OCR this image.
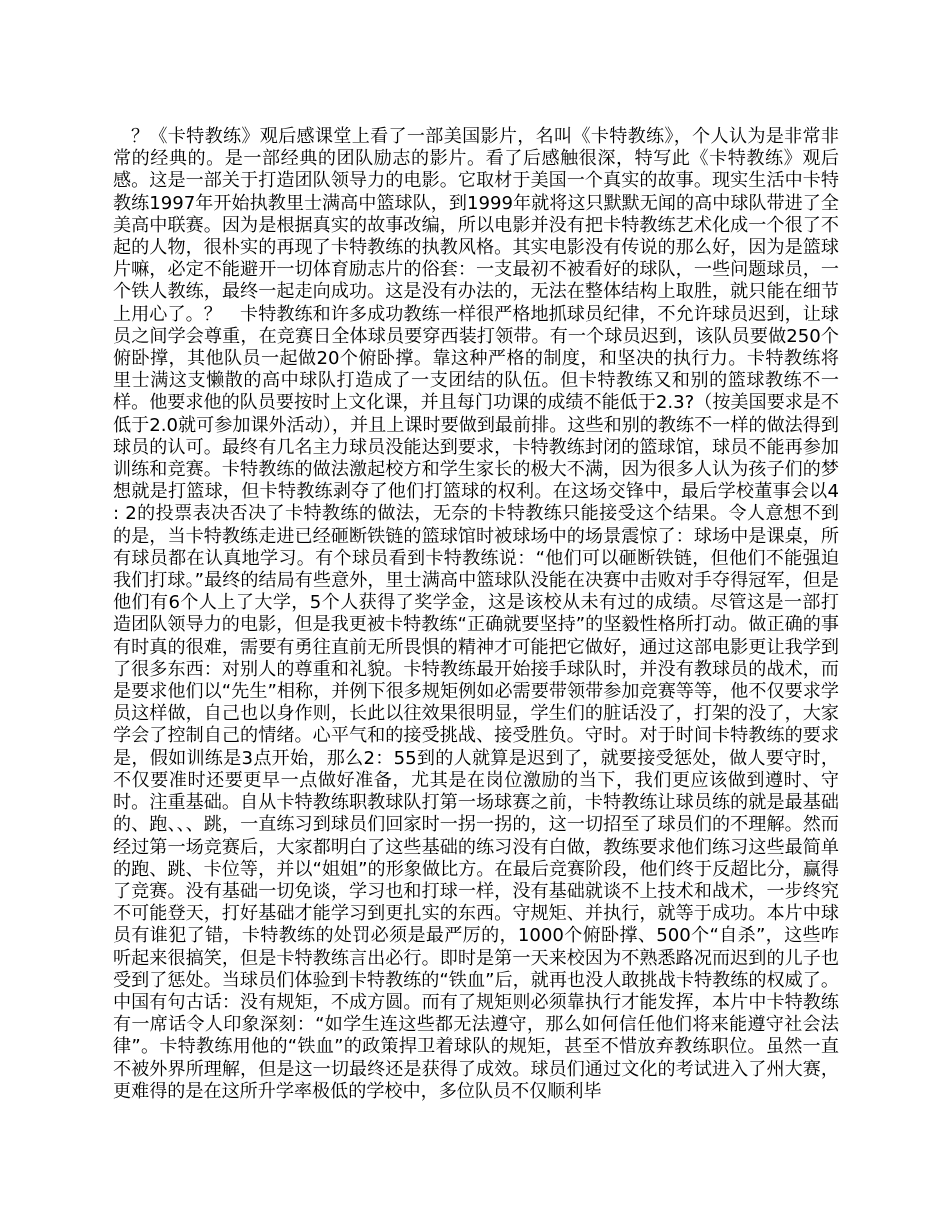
？《卡特教练》观后感课堂上看了一部美国影片，名叫《卡特教练》，个人认为是非常非常的经典的。是一部经典的团队励志的影片。看了后感触很深，特写此《卡特教练》观后感。这是一部关于打造团队领导力的电影。它取材于美国一个真实的故事。现实生活中卡特教练1997年开始执教里士满高中篮球队，到1999年就将这只默默无闻的高中球队带进了全美高中联赛。因为是根据真实的故事改编，所以电影并没有把卡特教练艺术化成一个很了不起的人物，很朴实的再现了卡特教练的执教风格。其实电影没有传说的那么好，因为是篮球片嘛，必定不能避开一切体育励志片的俗套：一支最初不被看好的球队，一些问题球员，一个铁人教练，最终一起走向成功。这是没有办法的，无法在整体结构上取胜，就只能在细节上用心了。？　卡特教练和许多成功教练一样很严格地抓球员纪律，不允许球员迟到，让球员之间学会尊重，在竞赛日全体球员要穿西装打领带。有一个球员迟到，该队员要做250个俯卧撑，其他队员一起做20个俯卧撑。靠这种严格的制度，和坚决的执行力。卡特教练将里士满这支懒散的高中球队打造成了一支团结的队伍。但卡特教练又和别的篮球教练不一样。他要求他的队员要按时上文化课，并且每门功课的成绩不能低于2.3?（按美国要求是不低于2.0就可参加课外活动），并且上课时要做到最前排。这些和别的教练不一样的做法得到球员的认可。最终有几名主力球员没能达到要求，卡特教练封闭的篮球馆，球员不能再参加训练和竞赛。卡特教练的做法激起校方和学生家长的极大不满，因为很多人认为孩子们的梦想就是打篮球，但卡特教练剥夺了他们打篮球的权利。在这场交锋中，最后学校董事会以4 : 2的投票表决否决了卡特教练的做法，无奈的卡特教练只能接受这个结果。令人意想不到的是，当卡特教练走进已经砸断铁链的篮球馆时被球场中的场景震惊了：球场中是课桌，所有球员都在认真地学习。有个球员看到卡特教练说：“他们可以砸断铁链，但他们不能强迫我们打球。”最终的结局有些意外，里士满高中篮球队没能在决赛中击败对手夺得冠军，但是他们有6个人上了大学，5个人获得了奖学金，这是该校从未有过的成绩。尽管这是一部打造团队领导力的电影，但是我更被卡特教练“正确就要坚持”的坚毅性格所打动。做正确的事有时真的很难，需要有勇往直前无所畏惧的精神才可能把它做好，通过这部电影更让我学到了很多东西：对别人的尊重和礼貌。卡特教练最开始接手球队时，并没有教球员的战术，而是要求他们以“先生”相称，并例下很多规矩例如必需要带领带参加竞赛等等，他不仅要求学员这样做，自己也以身作则，长此以往效果很明显，学生们的脏话没了，打架的没了，大家学会了控制自己的情绪。心平气和的接受挑战、接受胜负。守时。对于时间卡特教练的要求是，假如训练是3点开始，那么2：55到的人就算是迟到了，就要接受惩处，做人要守时，不仅要准时还要更早一点做好准备，尤其是在岗位激励的当下，我们更应该做到遵时、守时。注重基础。自从卡特教练职教球队打第一场球赛之前，卡特教练让球员练的就是最基础的、跑、、、跳，一直练习到球员们回家时一拐一拐的，这一切招至了球员们的不理解。然而经过第一场竞赛后，大家都明白了这些基础的练习没有白做，教练要求他们练习这些最简单的跑、跳、卡位等，并以“姐姐”的形象做比方。在最后竞赛阶段，他们终于反超比分，赢得了竞赛。没有基础一切免谈，学习也和打球一样，没有基础就谈不上技术和战术，一步终究不可能登天，打好基础才能学习到更扎实的东西。守规矩、并执行，就等于成功。本片中球员有谁犯了错，卡特教练的处罚必须是最严厉的，1000个俯卧撑、500个“自杀”，这些咋听起来很搞笑，但是卡特教练言出必行。即时是第一天来校因为不熟悉路况而迟到的儿子也受到了惩处。当球员们体验到卡特教练的“铁血”后，就再也没人敢挑战卡特教练的权威了。中国有句古话：没有规矩，不成方圆。而有了规矩则必须靠执行才能发挥，本片中卡特教练有一席话令人印象深刻：“如学生连这些都无法遵守，那么如何信任他们将来能遵守社会法律”。卡特教练用他的“铁血”的政策捍卫着球队的规矩，甚至不惜放弃教练职位。虽然一直不被外界所理解，但是这一切最终还是获得了成效。球员们通过文化的考试进入了州大赛，更难得的是在这所升学率极低的学校中，多位队员不仅顺利毕
